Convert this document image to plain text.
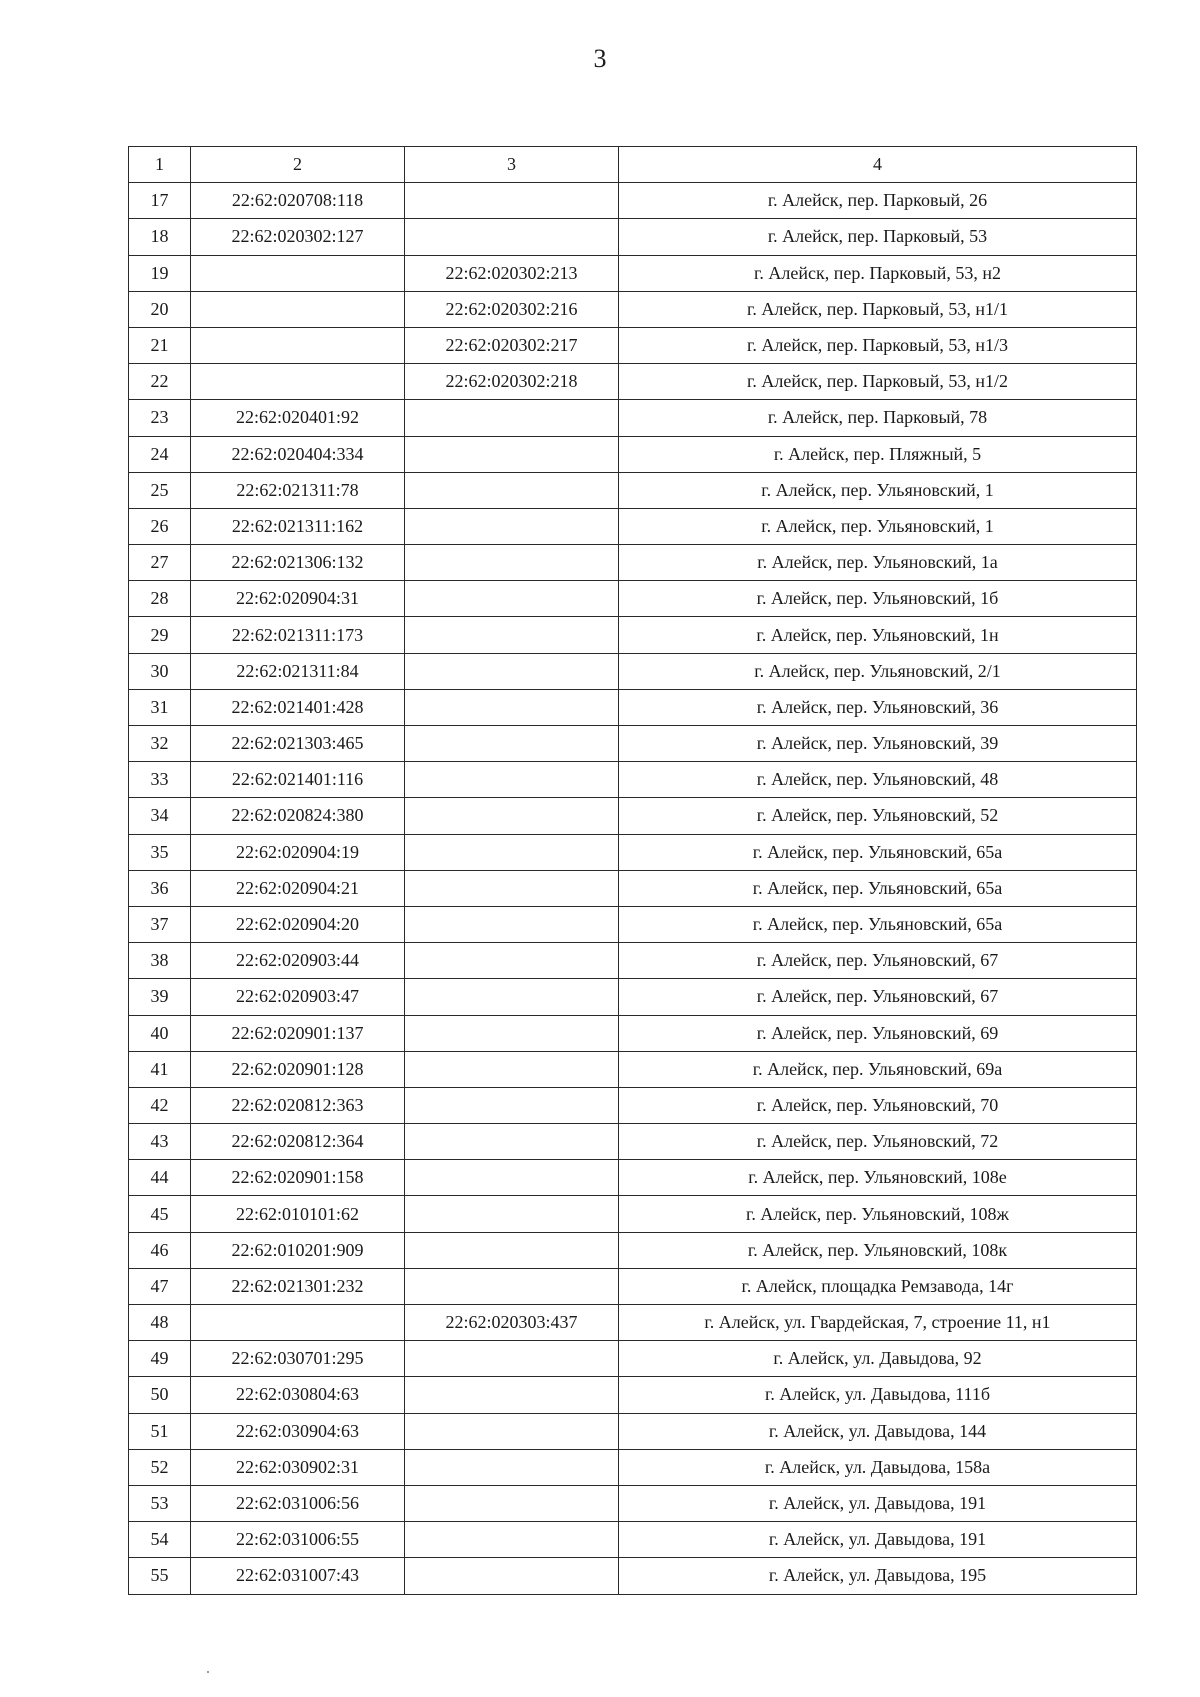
3
1	2	3	4
17	22:62:020708:118		г. Алейск, пер. Парковый, 26
18	22:62:020302:127		г. Алейск, пер. Парковый, 53
19		22:62:020302:213	г. Алейск, пер. Парковый, 53, н2
20		22:62:020302:216	г. Алейск, пер. Парковый, 53, н1/1
21		22:62:020302:217	г. Алейск, пер. Парковый, 53, н1/3
22		22:62:020302:218	г. Алейск, пер. Парковый, 53, н1/2
23	22:62:020401:92		г. Алейск, пер. Парковый, 78
24	22:62:020404:334		г. Алейск, пер. Пляжный, 5
25	22:62:021311:78		г. Алейск, пер. Ульяновский, 1
26	22:62:021311:162		г. Алейск, пер. Ульяновский, 1
27	22:62:021306:132		г. Алейск, пер. Ульяновский, 1а
28	22:62:020904:31		г. Алейск, пер. Ульяновский, 1б
29	22:62:021311:173		г. Алейск, пер. Ульяновский, 1н
30	22:62:021311:84		г. Алейск, пер. Ульяновский, 2/1
31	22:62:021401:428		г. Алейск, пер. Ульяновский, 36
32	22:62:021303:465		г. Алейск, пер. Ульяновский, 39
33	22:62:021401:116		г. Алейск, пер. Ульяновский, 48
34	22:62:020824:380		г. Алейск, пер. Ульяновский, 52
35	22:62:020904:19		г. Алейск, пер. Ульяновский, 65а
36	22:62:020904:21		г. Алейск, пер. Ульяновский, 65а
37	22:62:020904:20		г. Алейск, пер. Ульяновский, 65а
38	22:62:020903:44		г. Алейск, пер. Ульяновский, 67
39	22:62:020903:47		г. Алейск, пер. Ульяновский, 67
40	22:62:020901:137		г. Алейск, пер. Ульяновский, 69
41	22:62:020901:128		г. Алейск, пер. Ульяновский, 69а
42	22:62:020812:363		г. Алейск, пер. Ульяновский, 70
43	22:62:020812:364		г. Алейск, пер. Ульяновский, 72
44	22:62:020901:158		г. Алейск, пер. Ульяновский, 108е
45	22:62:010101:62		г. Алейск, пер. Ульяновский, 108ж
46	22:62:010201:909		г. Алейск, пер. Ульяновский, 108к
47	22:62:021301:232		г. Алейск, площадка Ремзавода, 14г
48		22:62:020303:437	г. Алейск, ул. Гвардейская, 7, строение 11, н1
49	22:62:030701:295		г. Алейск, ул. Давыдова, 92
50	22:62:030804:63		г. Алейск, ул. Давыдова, 111б
51	22:62:030904:63		г. Алейск, ул. Давыдова, 144
52	22:62:030902:31		г. Алейск, ул. Давыдова, 158а
53	22:62:031006:56		г. Алейск, ул. Давыдова, 191
54	22:62:031006:55		г. Алейск, ул. Давыдова, 191
55	22:62:031007:43		г. Алейск, ул. Давыдова, 195
